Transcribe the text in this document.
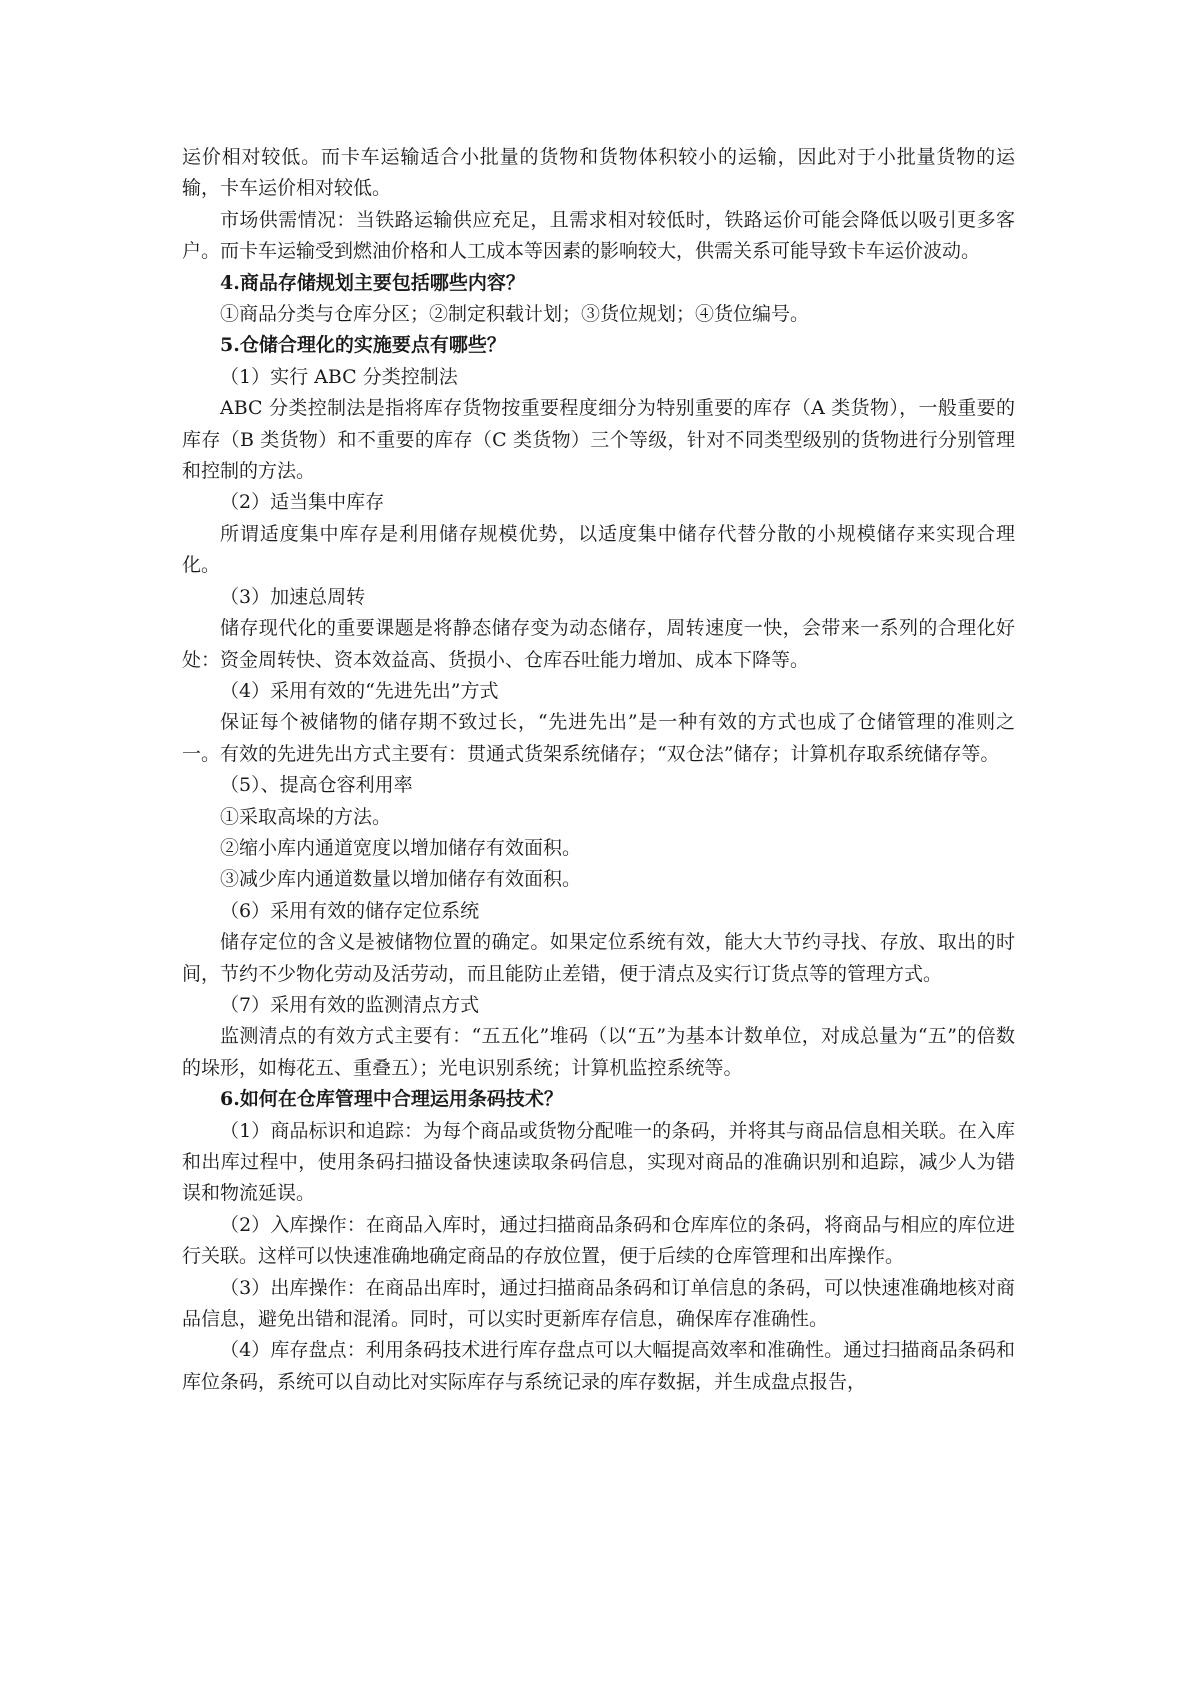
运价相对较低。而卡车运输适合小批量的货物和货物体积较小的运输，因此对于小批量货物的运输，卡车运价相对较低。

市场供需情况：当铁路运输供应充足，且需求相对较低时，铁路运价可能会降低以吸引更多客户。而卡车运输受到燃油价格和人工成本等因素的影响较大，供需关系可能导致卡车运价波动。

4.商品存储规划主要包括哪些内容？

①商品分类与仓库分区；②制定积载计划；③货位规划；④货位编号。

5.仓储合理化的实施要点有哪些？

（1）实行 ABC 分类控制法

ABC 分类控制法是指将库存货物按重要程度细分为特别重要的库存（A 类货物），一般重要的库存（B 类货物）和不重要的库存（C 类货物）三个等级，针对不同类型级别的货物进行分别管理和控制的方法。

（2）适当集中库存

所谓适度集中库存是利用储存规模优势，以适度集中储存代替分散的小规模储存来实现合理化。

（3）加速总周转

储存现代化的重要课题是将静态储存变为动态储存，周转速度一快，会带来一系列的合理化好处：资金周转快、资本效益高、货损小、仓库吞吐能力增加、成本下降等。

（4）采用有效的“先进先出”方式

保证每个被储物的储存期不致过长，“先进先出”是一种有效的方式也成了仓储管理的准则之一。有效的先进先出方式主要有：贯通式货架系统储存；“双仓法”储存；计算机存取系统储存等。

（5）、提高仓容利用率

①采取高垛的方法。

②缩小库内通道宽度以增加储存有效面积。

③减少库内通道数量以增加储存有效面积。

（6）采用有效的储存定位系统

储存定位的含义是被储物位置的确定。如果定位系统有效，能大大节约寻找、存放、取出的时间，节约不少物化劳动及活劳动，而且能防止差错，便于清点及实行订货点等的管理方式。

（7）采用有效的监测清点方式

监测清点的有效方式主要有：“五五化”堆码（以“五”为基本计数单位，对成总量为“五”的倍数的垛形，如梅花五、重叠五）；光电识别系统；计算机监控系统等。

6.如何在仓库管理中合理运用条码技术？

（1）商品标识和追踪：为每个商品或货物分配唯一的条码，并将其与商品信息相关联。在入库和出库过程中，使用条码扫描设备快速读取条码信息，实现对商品的准确识别和追踪，减少人为错误和物流延误。

（2）入库操作：在商品入库时，通过扫描商品条码和仓库库位的条码，将商品与相应的库位进行关联。这样可以快速准确地确定商品的存放位置，便于后续的仓库管理和出库操作。

（3）出库操作：在商品出库时，通过扫描商品条码和订单信息的条码，可以快速准确地核对商品信息，避免出错和混淆。同时，可以实时更新库存信息，确保库存准确性。

（4）库存盘点：利用条码技术进行库存盘点可以大幅提高效率和准确性。通过扫描商品条码和库位条码，系统可以自动比对实际库存与系统记录的库存数据，并生成盘点报告，
